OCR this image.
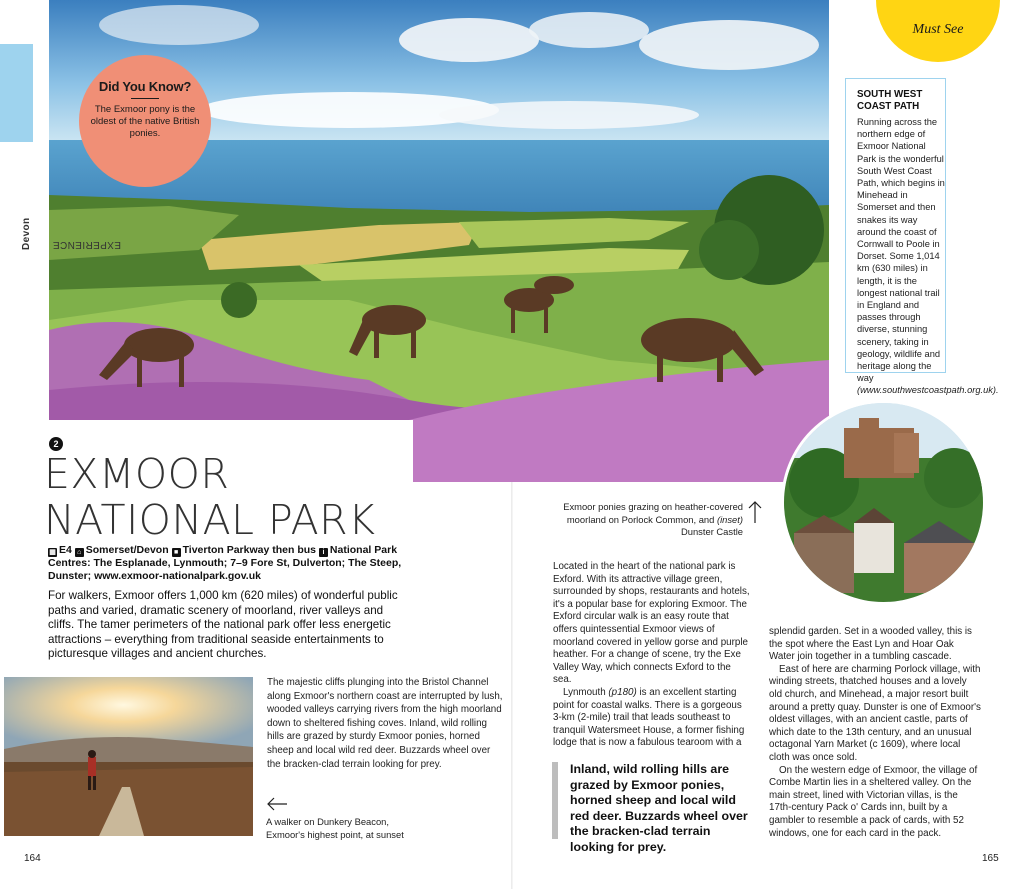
EXPERIENCE
Devon
Did You Know?
The Exmoor pony is the oldest of the native British ponies.
Must See
SOUTH WEST COAST PATH
Running across the northern edge of Exmoor National Park is the wonderful South West Coast Path, which begins in Minehead in Somerset and then snakes its way around the coast of Cornwall to Poole in Dorset. Some 1,014 km (630 miles) in length, it is the longest national trail in England and passes through diverse, stunning scenery, taking in geology, wildlife and heritage along the way (www.southwestcoastpath.org.uk).
2
EXMOOR
NATIONAL PARK
▦ E4 ⌂ Somerset/Devon ■ Tiverton Parkway then bus i National Park Centres: The Esplanade, Lynmouth; 7–9 Fore St, Dulverton; The Steep, Dunster; www.exmoor-nationalpark.gov.uk
For walkers, Exmoor offers 1,000 km (620 miles) of wonderful public paths and varied, dramatic scenery of moorland, river valleys and cliffs. The tamer perimeters of the national park offer less energetic attractions – everything from traditional seaside entertainments to picturesque villages and ancient churches.
The majestic cliffs plunging into the Bristol Channel along Exmoor's northern coast are interrupted by lush, wooded valleys carrying rivers from the high moorland down to sheltered fishing coves. Inland, wild rolling hills are grazed by sturdy Exmoor ponies, horned sheep and local wild red deer. Buzzards wheel over the bracken-clad terrain looking for prey.
A walker on Dunkery Beacon, Exmoor's highest point, at sunset
Exmoor ponies grazing on heather-covered moorland on Porlock Common, and (inset) Dunster Castle

Located in the heart of the national park is Exford. With its attractive village green, surrounded by shops, restaurants and hotels, it's a popular base for exploring Exmoor. The Exford circular walk is an easy route that offers quintessential Exmoor views of moorland covered in yellow gorse and purple heather. For a change of scene, try the Exe Valley Way, which connects Exford to the sea.

Lynmouth (p180) is an excellent starting point for coastal walks. There is a gorgeous 3-km (2-mile) trail that leads southeast to tranquil Watersmeet House, a former fishing lodge that is now a fabulous tearoom with a

Inland, wild rolling hills are grazed by Exmoor ponies, horned sheep and local wild red deer. Buzzards wheel over the bracken-clad terrain looking for prey.

splendid garden. Set in a wooded valley, this is the spot where the East Lyn and Hoar Oak Water join together in a tumbling cascade.

East of here are charming Porlock village, with winding streets, thatched houses and a lovely old church, and Minehead, a major resort built around a pretty quay. Dunster is one of Exmoor's oldest villages, with an ancient castle, parts of which date to the 13th century, and an unusual octagonal Yarn Market (c 1609), where local cloth was once sold.

On the western edge of Exmoor, the village of Combe Martin lies in a sheltered valley. On the main street, lined with Victorian villas, is the 17th-century Pack o' Cards inn, built by a gambler to resemble a pack of cards, with 52 windows, one for each card in the pack.

164	165
